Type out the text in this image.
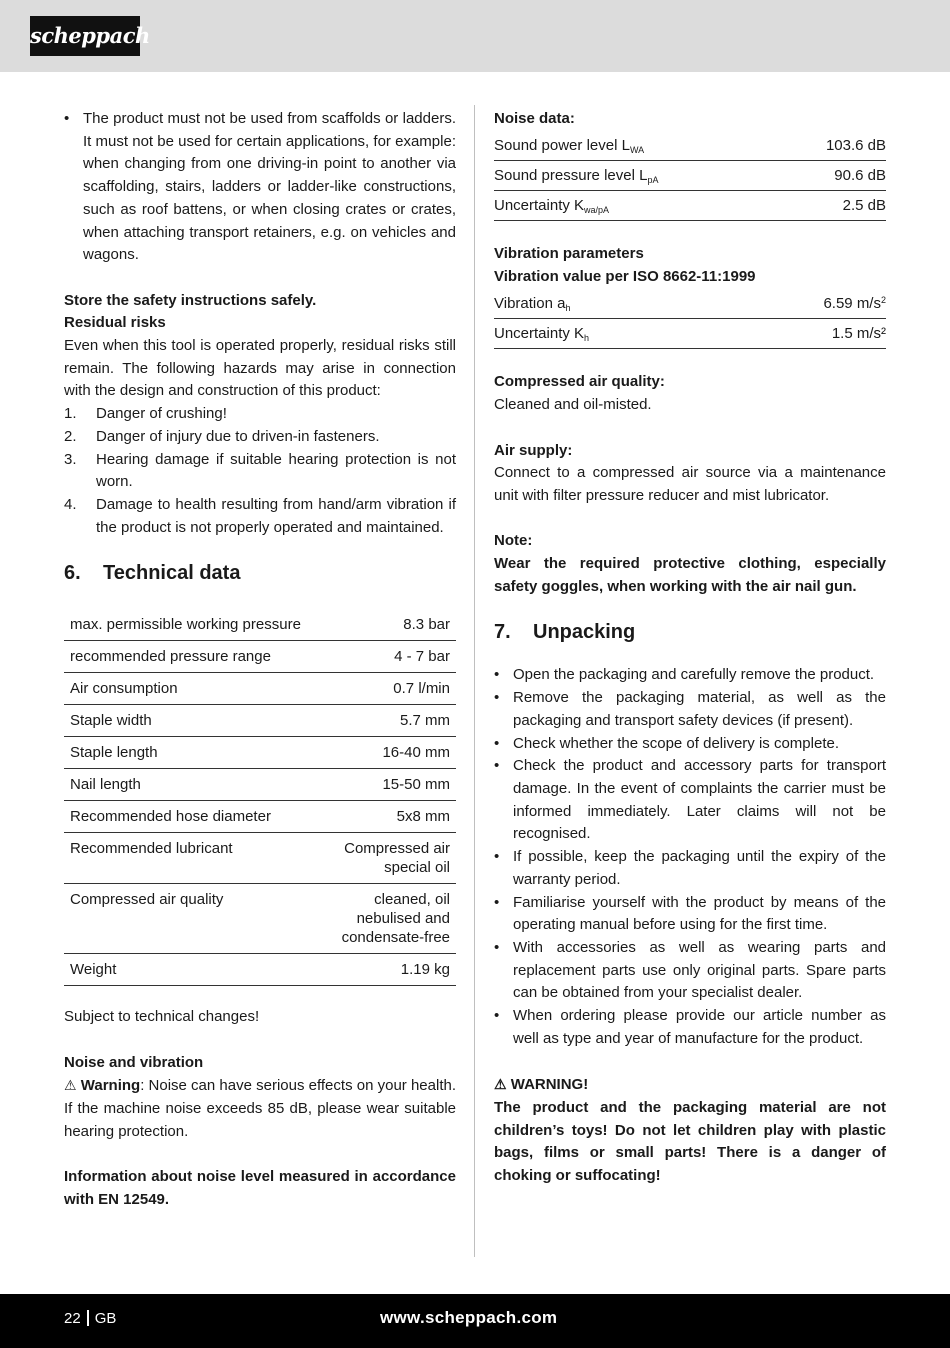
scheppach
• The product must not be used from scaffolds or ladders. It must not be used for certain applications, for example: when changing from one driving-in point to another via scaffolding, stairs, ladders or ladder-like constructions, such as roof battens, or when closing crates or crates, when attaching transport retainers, e.g. on vehicles and wagons.

Store the safety instructions safely.

Residual risks

Even when this tool is operated properly, residual risks still remain. The following hazards may arise in connection with the design and construction of this product:

1. Danger of crushing!
2. Danger of injury due to driven-in fasteners.
3. Hearing damage if suitable hearing protection is not worn.
4. Damage to health resulting from hand/arm vibration if the product is not properly operated and maintained.
6. Technical data
max. permissible working pressure	8.3 bar
recommended pressure range	4 - 7 bar
Air consumption	0.7 l/min
Staple width	5.7 mm
Staple length	16-40 mm
Nail length	15-50 mm
Recommended hose diameter	5x8 mm
Recommended lubricant	Compressed air special oil
Compressed air quality	cleaned, oil nebulised and condensate-free
Weight	1.19 kg

Subject to technical changes!

Noise and vibration

⚠ Warning: Noise can have serious effects on your health. If the machine noise exceeds 85 dB, please wear suitable hearing protection.

Information about noise level measured in accordance with EN 12549.

Noise data:

Sound power level $L_{WA}$	103.6 dB
Sound pressure level $L_{pA}$	90.6 dB
Uncertainty $K_{wa/pA}$	2.5 dB

Vibration parameters

Vibration value per ISO 8662-11:1999

Vibration $a_h$	6.59 $m/s^2$
Uncertainty $K_h$	1.5 m/s²

Compressed air quality:

Cleaned and oil-misted.

Air supply:

Connect to a compressed air source via a maintenance unit with filter pressure reducer and mist lubricator.

Note:

Wear the required protective clothing, especially safety goggles, when working with the air nail gun.

7. Unpacking
• Open the packaging and carefully remove the product.
• Remove the packaging material, as well as the packaging and transport safety devices (if present).
• Check whether the scope of delivery is complete.
• Check the product and accessory parts for transport damage. In the event of complaints the carrier must be informed immediately. Later claims will not be recognised.
• If possible, keep the packaging until the expiry of the warranty period.
• Familiarise yourself with the product by means of the operating manual before using for the first time.
• With accessories as well as wearing parts and replacement parts use only original parts. Spare parts can be obtained from your specialist dealer.
• When ordering please provide our article number as well as type and year of manufacture for the product.

⚠ WARNING!

The product and the packaging material are not children’s toys! Do not let children play with plastic bags, films or small parts! There is a danger of choking or suffocating!

22 GB	www.scheppach.com
